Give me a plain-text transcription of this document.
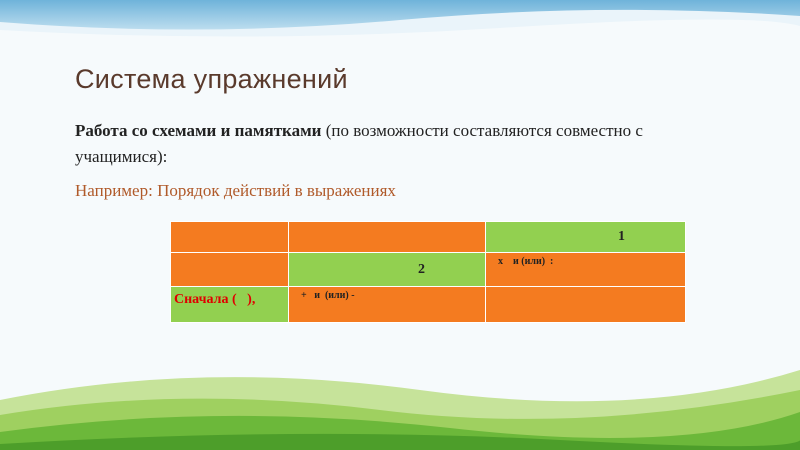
Система упражнений
Работа со схемами и памятками (по возможности составляются совместно с учащимися):
Например: Порядок действий в выражениях
		1
	2	х    и (или)  :
Сначала (   ),	+   и  (или) -	
